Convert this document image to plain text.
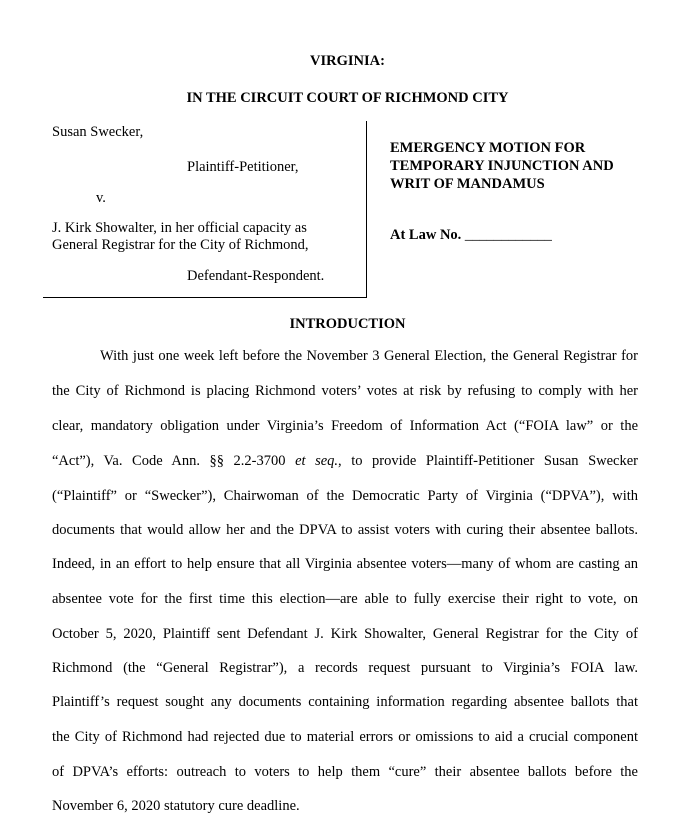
VIRGINIA:
IN THE CIRCUIT COURT OF RICHMOND CITY
Susan Swecker,
Plaintiff-Petitioner,
v.
J. Kirk Showalter, in her official capacity as
General Registrar for the City of Richmond,
Defendant-Respondent.
EMERGENCY MOTION FOR
TEMPORARY INJUNCTION AND
WRIT OF MANDAMUS
At Law No. ____________
INTRODUCTION
With just one week left before the November 3 General Election, the General Registrar for
the City of Richmond is placing Richmond voters’ votes at risk by refusing to comply with her
clear, mandatory obligation under Virginia’s Freedom of Information Act (“FOIA law” or the
“Act”), Va. Code Ann. §§ 2.2-3700 et seq., to provide Plaintiff-Petitioner Susan Swecker
(“Plaintiff” or “Swecker”), Chairwoman of the Democratic Party of Virginia (“DPVA”), with
documents that would allow her and the DPVA to assist voters with curing their absentee ballots.
Indeed, in an effort to help ensure that all Virginia absentee voters—many of whom are casting an
absentee vote for the first time this election—are able to fully exercise their right to vote, on
October 5, 2020, Plaintiff sent Defendant J. Kirk Showalter, General Registrar for the City of
Richmond (the “General Registrar”), a records request pursuant to Virginia’s FOIA law.
Plaintiff’s request sought any documents containing information regarding absentee ballots that
the City of Richmond had rejected due to material errors or omissions to aid a crucial component
of DPVA’s efforts: outreach to voters to help them “cure” their absentee ballots before the
November 6, 2020 statutory cure deadline.
